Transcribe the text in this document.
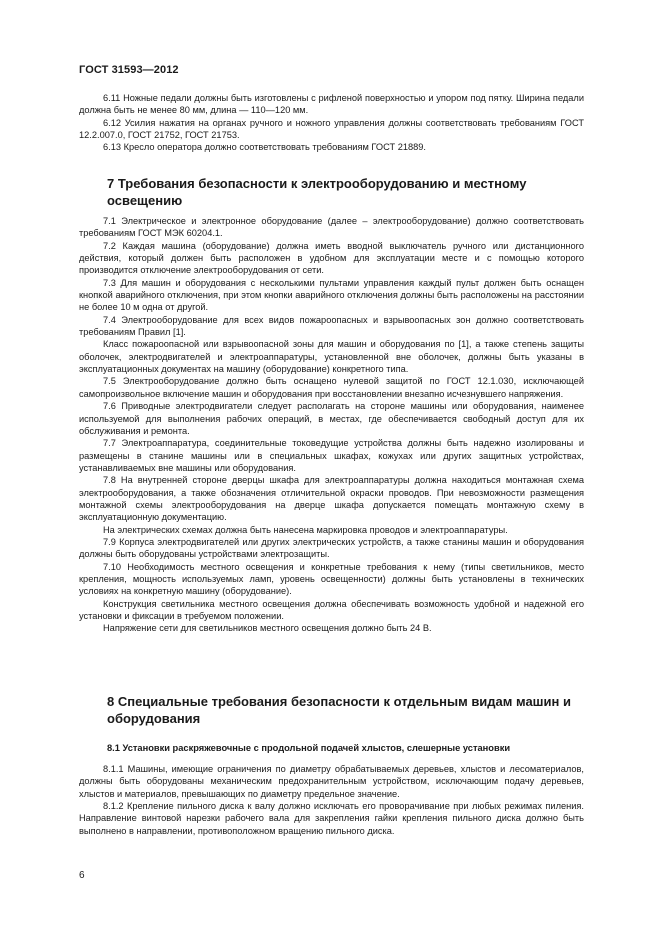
ГОСТ 31593—2012

6.11 Ножные педали должны быть изготовлены с рифленой поверхностью и упором под пятку. Ширина педали должна быть не менее 80 мм, длина — 110—120 мм.

6.12 Усилия нажатия на органах ручного и ножного управления должны соответствовать требованиям ГОСТ 12.2.007.0, ГОСТ 21752, ГОСТ 21753.

6.13 Кресло оператора должно соответствовать требованиям ГОСТ 21889.

7 Требования безопасности к электрооборудованию и местному освещению

7.1 Электрическое и электронное оборудование (далее – электрооборудование) должно соответствовать требованиям ГОСТ МЭК 60204.1.

7.2 Каждая машина (оборудование) должна иметь вводной выключатель ручного или дистанционного действия, который должен быть расположен в удобном для эксплуатации месте и с помощью которого производится отключение электрооборудования от сети.

7.3 Для машин и оборудования с несколькими пультами управления каждый пульт должен быть оснащен кнопкой аварийного отключения, при этом кнопки аварийного отключения должны быть расположены на расстоянии не более 10 м одна от другой.

7.4 Электрооборудование для всех видов пожароопасных и взрывоопасных зон должно соответствовать требованиям Правил [1].

Класс пожароопасной или взрывоопасной зоны для машин и оборудования по [1], а также степень защиты оболочек, электродвигателей и электроаппаратуры, установленной вне оболочек, должны быть указаны в эксплуатационных документах на машину (оборудование) конкретного типа.

7.5 Электрооборудование должно быть оснащено нулевой защитой по ГОСТ 12.1.030, исключающей самопроизвольное включение машин и оборудования при восстановлении внезапно исчезнувшего напряжения.

7.6 Приводные электродвигатели следует располагать на стороне машины или оборудования, наименее используемой для выполнения рабочих операций, в местах, где обеспечивается свободный доступ для их обслуживания и ремонта.

7.7 Электроаппаратура, соединительные токоведущие устройства должны быть надежно изолированы и размещены в станине машины или в специальных шкафах, кожухах или других защитных устройствах, устанавливаемых вне машины или оборудования.

7.8 На внутренней стороне дверцы шкафа для электроаппаратуры должна находиться монтажная схема электрооборудования, а также обозначения отличительной окраски проводов. При невозможности размещения монтажной схемы электрооборудования на дверце шкафа допускается помещать монтажную схему в эксплуатационную документацию.

На электрических схемах должна быть нанесена маркировка проводов и электроаппаратуры.

7.9 Корпуса электродвигателей или других электрических устройств, а также станины машин и оборудования должны быть оборудованы устройствами электрозащиты.

7.10 Необходимость местного освещения и конкретные требования к нему (типы светильников, место крепления, мощность используемых ламп, уровень освещенности) должны быть установлены в технических условиях на конкретную машину (оборудование).

Конструкция светильника местного освещения должна обеспечивать возможность удобной и надежной его установки и фиксации в требуемом положении.

Напряжение сети для светильников местного освещения должно быть 24 В.

8 Специальные требования безопасности к отдельным видам машин и оборудования
8.1 Установки раскряжевочные с продольной подачей хлыстов, слешерные установки

8.1.1 Машины, имеющие ограничения по диаметру обрабатываемых деревьев, хлыстов и лесоматериалов, должны быть оборудованы механическим предохранительным устройством, исключающим подачу деревьев, хлыстов и материалов, превышающих по диаметру предельное значение.

8.1.2 Крепление пильного диска к валу должно исключать его проворачивание при любых режимах пиления. Направление винтовой нарезки рабочего вала для закрепления гайки крепления пильного диска должно быть выполнено в направлении, противоположном вращению пильного диска.

6
